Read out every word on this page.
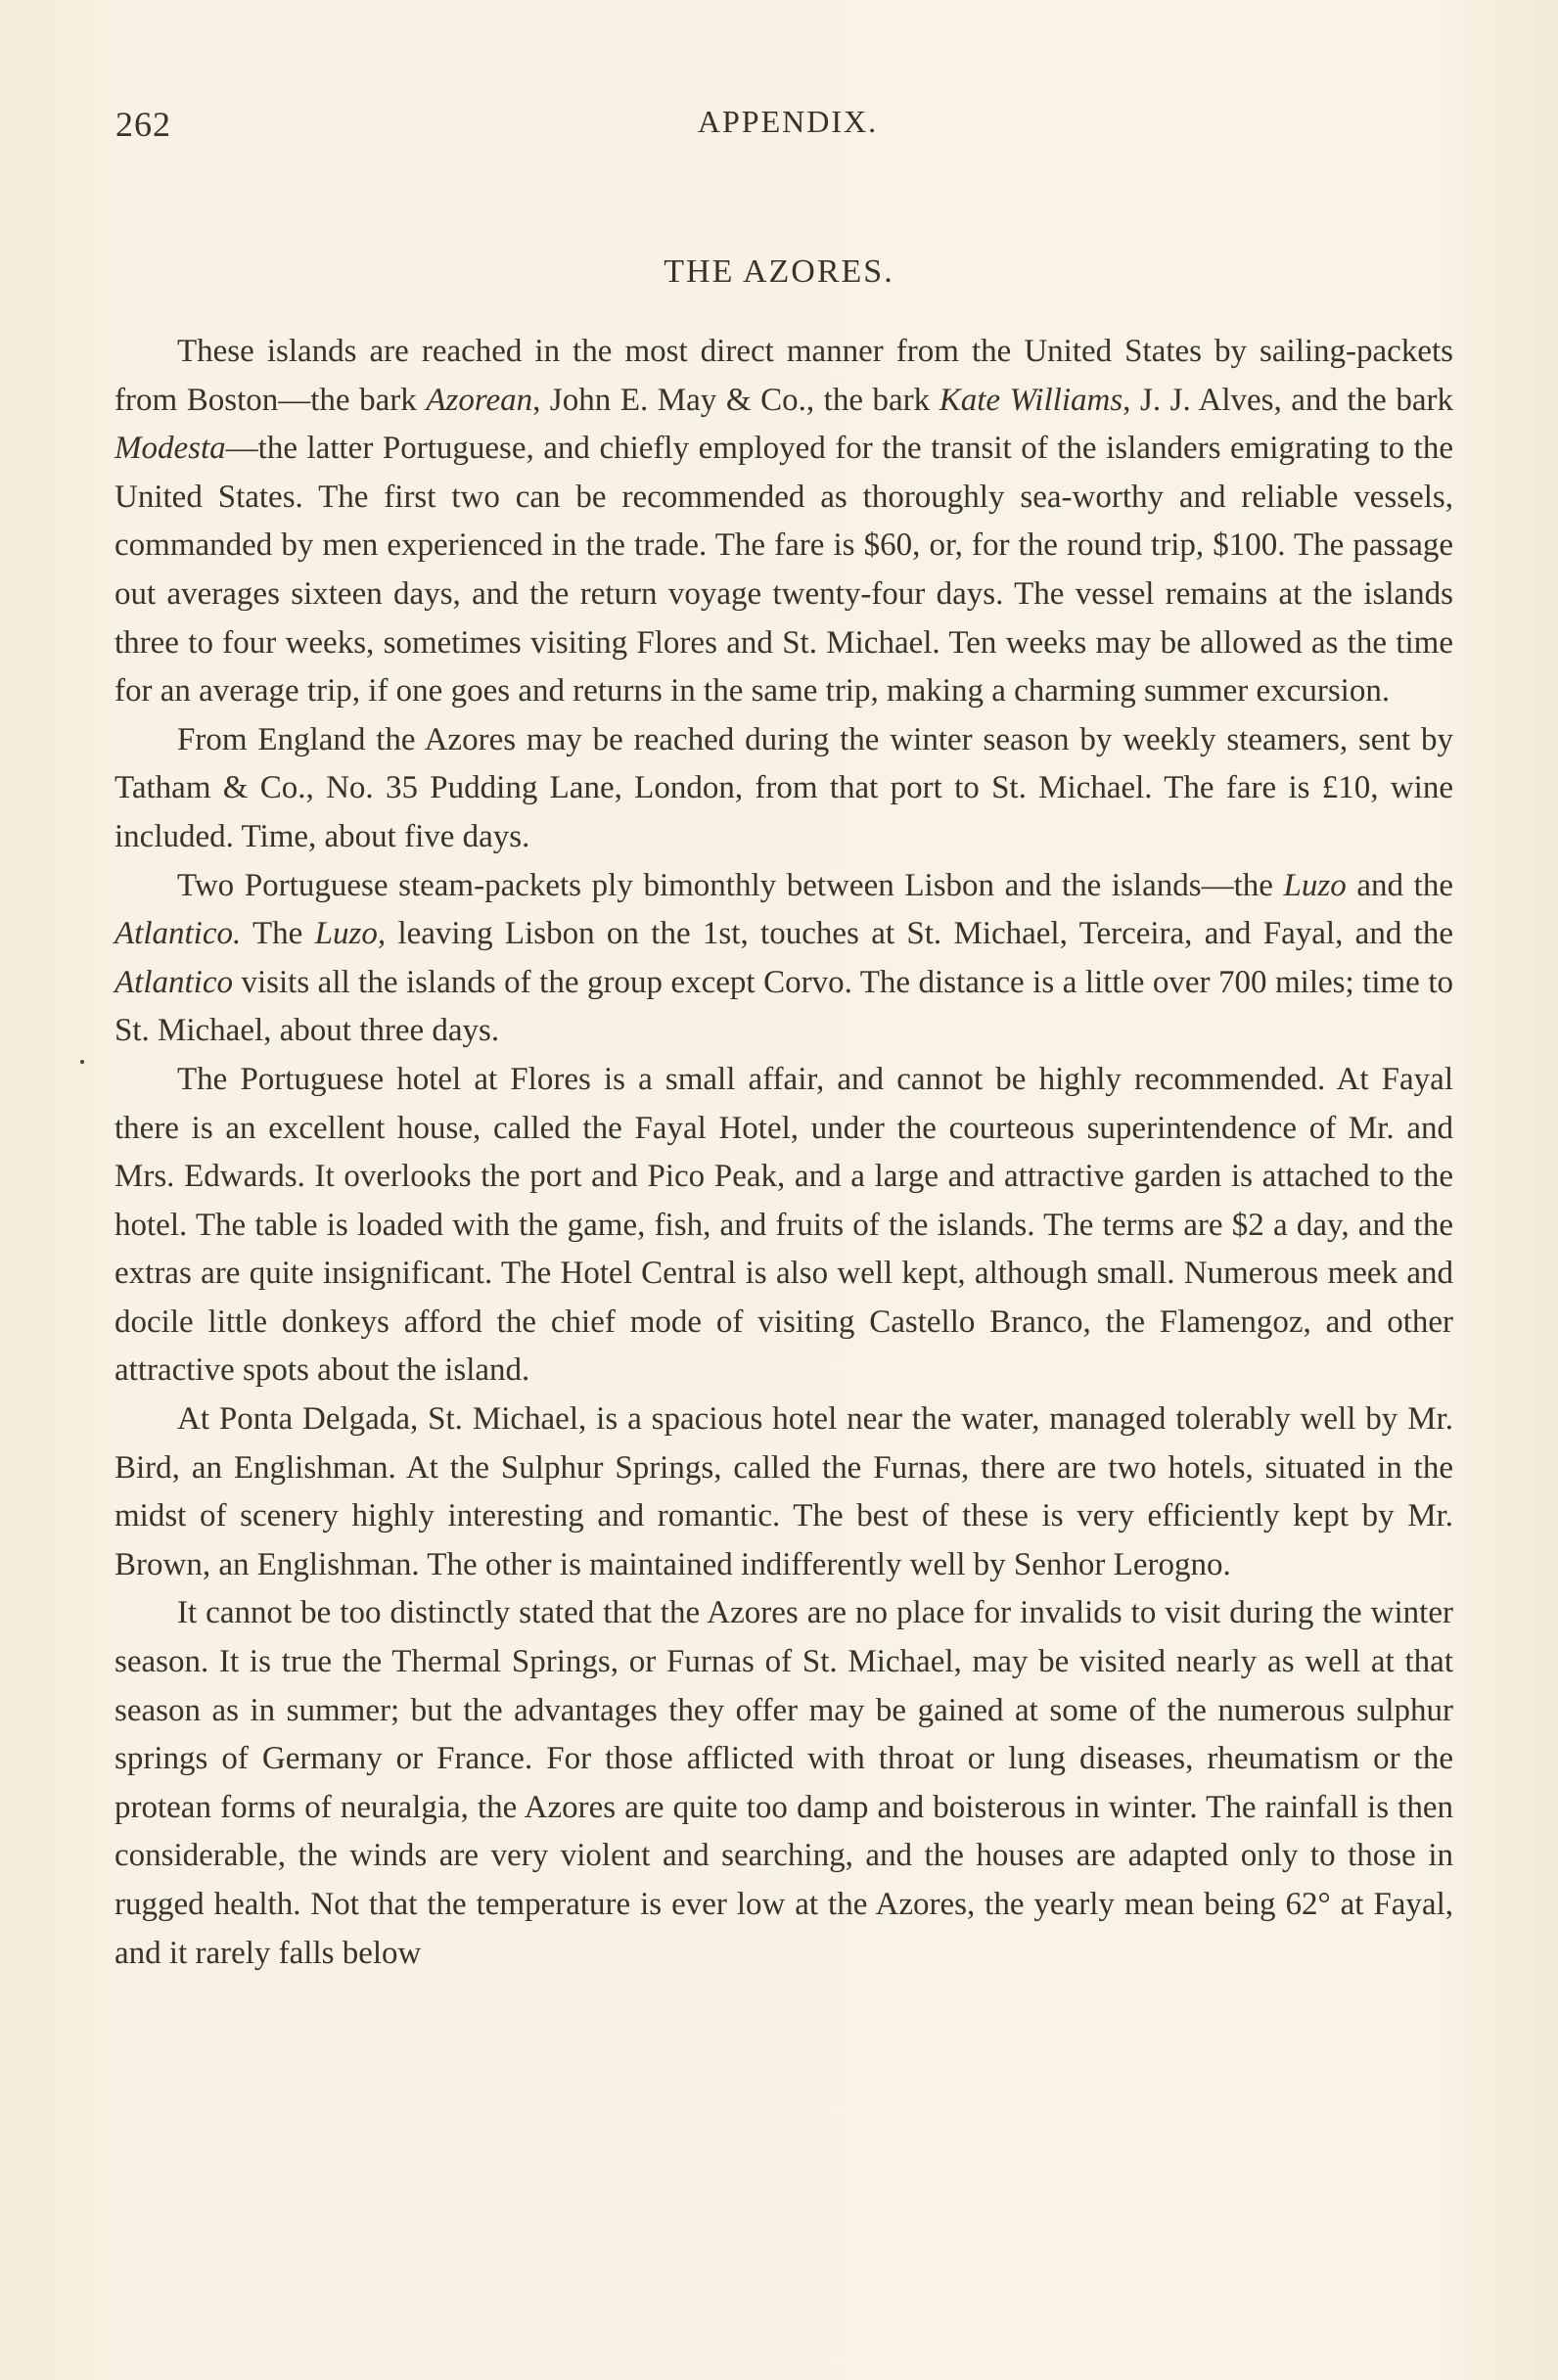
262	APPENDIX.
THE AZORES.

These islands are reached in the most direct manner from the United States by sailing-packets from Boston—the bark Azorean, John E. May & Co., the bark Kate Williams, J. J. Alves, and the bark Modesta—the latter Portuguese, and chiefly employed for the transit of the islanders emigrating to the United States. The first two can be recommended as thoroughly sea-worthy and reliable vessels, commanded by men experienced in the trade. The fare is $60, or, for the round trip, $100. The passage out averages sixteen days, and the return voyage twenty-four days. The vessel remains at the islands three to four weeks, sometimes visiting Flores and St. Michael. Ten weeks may be allowed as the time for an average trip, if one goes and returns in the same trip, making a charming summer excursion.

From England the Azores may be reached during the winter season by weekly steamers, sent by Tatham & Co., No. 35 Pudding Lane, London, from that port to St. Michael. The fare is £10, wine included. Time, about five days.

Two Portuguese steam-packets ply bimonthly between Lisbon and the islands—the Luzo and the Atlantico. The Luzo, leaving Lisbon on the 1st, touches at St. Michael, Terceira, and Fayal, and the Atlantico visits all the islands of the group except Corvo. The distance is a little over 700 miles; time to St. Michael, about three days.

The Portuguese hotel at Flores is a small affair, and cannot be highly recommended. At Fayal there is an excellent house, called the Fayal Hotel, under the courteous superintendence of Mr. and Mrs. Edwards. It overlooks the port and Pico Peak, and a large and attractive garden is attached to the hotel. The table is loaded with the game, fish, and fruits of the islands. The terms are $2 a day, and the extras are quite insignificant. The Hotel Central is also well kept, although small. Numerous meek and docile little donkeys afford the chief mode of visiting Castello Branco, the Flamengoz, and other attractive spots about the island.

At Ponta Delgada, St. Michael, is a spacious hotel near the water, managed tolerably well by Mr. Bird, an Englishman. At the Sulphur Springs, called the Furnas, there are two hotels, situated in the midst of scenery highly interesting and romantic. The best of these is very efficiently kept by Mr. Brown, an Englishman. The other is maintained indifferently well by Senhor Lerogno.

It cannot be too distinctly stated that the Azores are no place for invalids to visit during the winter season. It is true the Thermal Springs, or Furnas of St. Michael, may be visited nearly as well at that season as in summer; but the advantages they offer may be gained at some of the numerous sulphur springs of Germany or France. For those afflicted with throat or lung diseases, rheumatism or the protean forms of neuralgia, the Azores are quite too damp and boisterous in winter. The rainfall is then considerable, the winds are very violent and searching, and the houses are adapted only to those in rugged health. Not that the temperature is ever low at the Azores, the yearly mean being 62° at Fayal, and it rarely falls below
